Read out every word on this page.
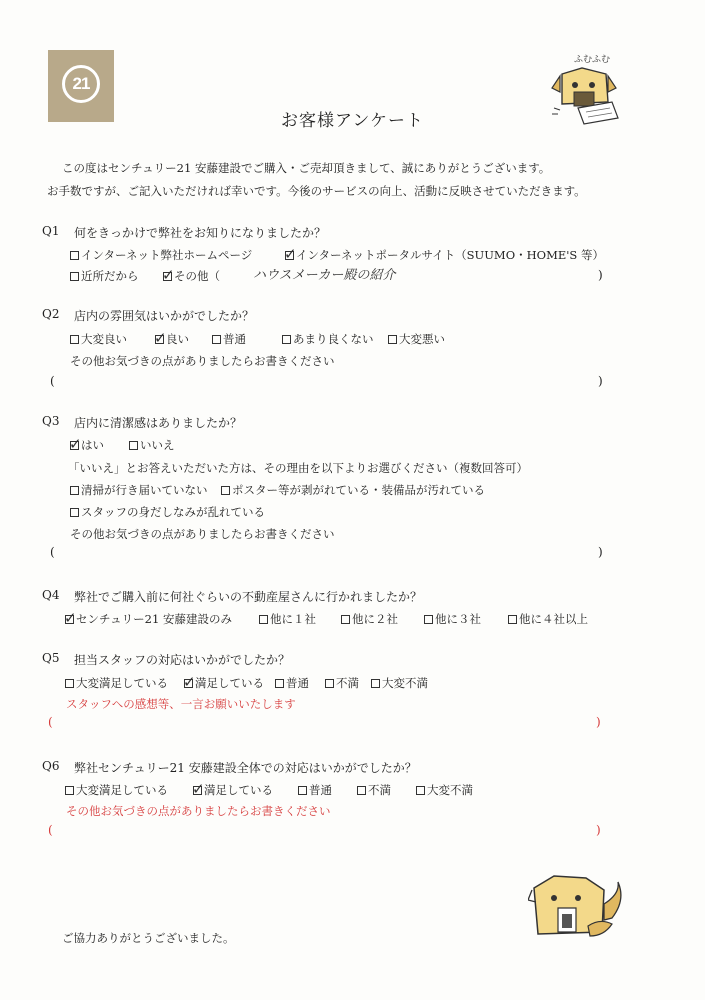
21
ふむふむ
お客様アンケート
この度はセンチュリー21 安藤建設でご購入・ご売却頂きまして、誠にありがとうございます。
お手数ですが、ご記入いただければ幸いです。今後のサービスの向上、活動に反映させていただきます。
Q1 何をきっかけで弊社をお知りになりましたか？
インターネット弊社ホームページ ✓ インターネットポータルサイト（SUUMO・HOME'S 等）
近所だから ✓ その他（	ハウスメーカー殿の紹介	)
Q2 店内の雰囲気はいかがでしたか？
大変良い ✓ 良い	普通	あまり良くない 大変悪い
その他お気づきの点がありましたらお書きください
(	)
Q3 店内に清潔感はありましたか？
✓ はい	いいえ
「いいえ」とお答えいただいた方は、その理由を以下よりお選びください（複数回答可）
清掃が行き届いていない ポスター等が剥がれている・装備品が汚れている
スタッフの身だしなみが乱れている
その他お気づきの点がありましたらお書きください
(	)
Q4 弊社でご購入前に何社ぐらいの不動産屋さんに行かれましたか？
✓ センチュリー21 安藤建設のみ	他に１社	他に２社	他に３社	他に４社以上
Q5 担当スタッフの対応はいかがでしたか？
大変満足している ✓ 満足している 普通 不満 大変不満
スタッフへの感想等、一言お願いいたします
(	)
Q6 弊社センチュリー21 安藤建設全体での対応はいかがでしたか？
大変満足している ✓ 満足している	普通	不満	大変不満
その他お気づきの点がありましたらお書きください
(	)
ご協力ありがとうございました。
